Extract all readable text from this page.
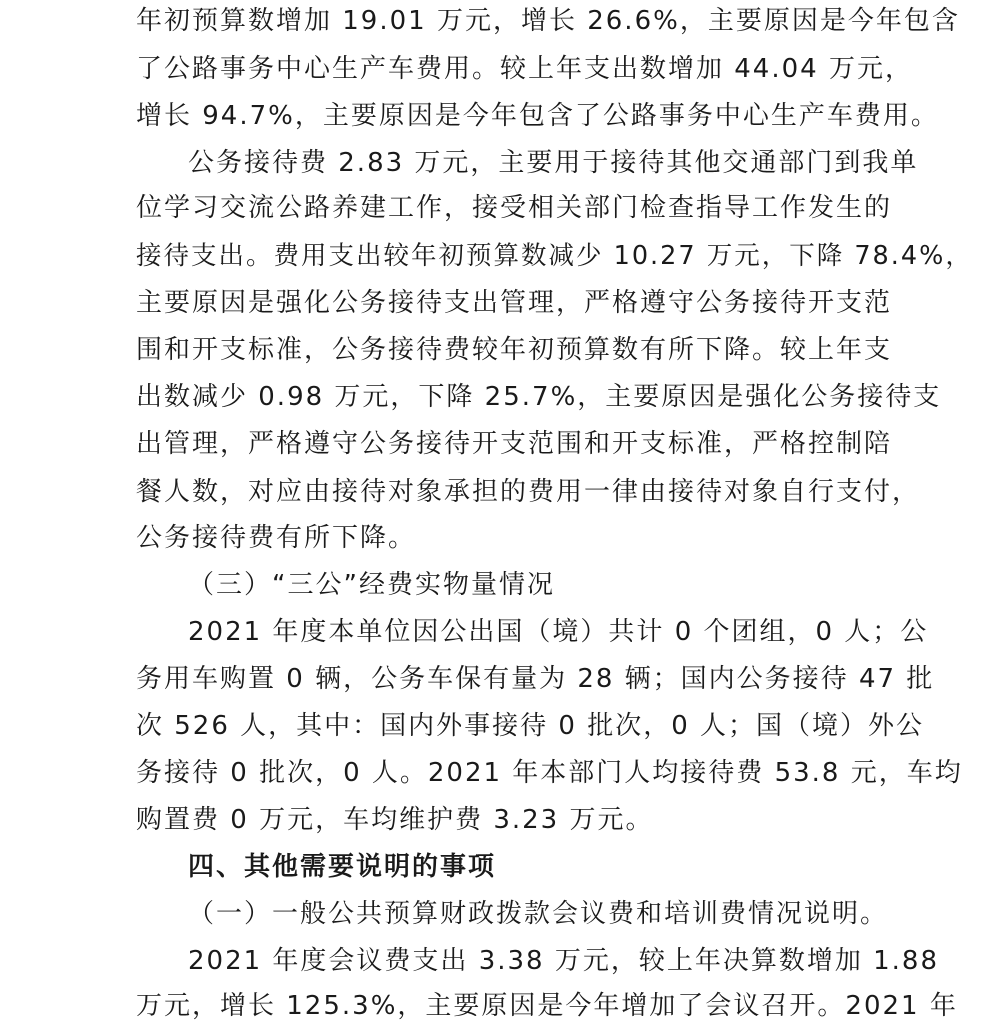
年初预算数增加 19.01 万元，增长 26.6%，主要原因是今年包含
了公路事务中心生产车费用。较上年支出数增加 44.04 万元，
增长 94.7%，主要原因是今年包含了公路事务中心生产车费用。
公务接待费 2.83 万元，主要用于接待其他交通部门到我单
位学习交流公路养建工作，接受相关部门检查指导工作发生的
接待支出。费用支出较年初预算数减少 10.27 万元，下降 78.4%，
主要原因是强化公务接待支出管理，严格遵守公务接待开支范
围和开支标准，公务接待费较年初预算数有所下降。较上年支
出数减少 0.98 万元，下降 25.7%，主要原因是强化公务接待支
出管理，严格遵守公务接待开支范围和开支标准，严格控制陪
餐人数，对应由接待对象承担的费用一律由接待对象自行支付，
公务接待费有所下降。
（三）“三公”经费实物量情况
2021 年度本单位因公出国（境）共计 0 个团组，0 人；公
务用车购置 0 辆，公务车保有量为 28 辆；国内公务接待 47 批
次 526 人，其中：国内外事接待 0 批次，0 人；国（境）外公
务接待 0 批次，0 人。2021 年本部门人均接待费 53.8 元，车均
购置费 0 万元，车均维护费 3.23 万元。
四、其他需要说明的事项
（一）一般公共预算财政拨款会议费和培训费情况说明。
2021 年度会议费支出 3.38 万元，较上年决算数增加 1.88
万元，增长 125.3%，主要原因是今年增加了会议召开。2021 年
